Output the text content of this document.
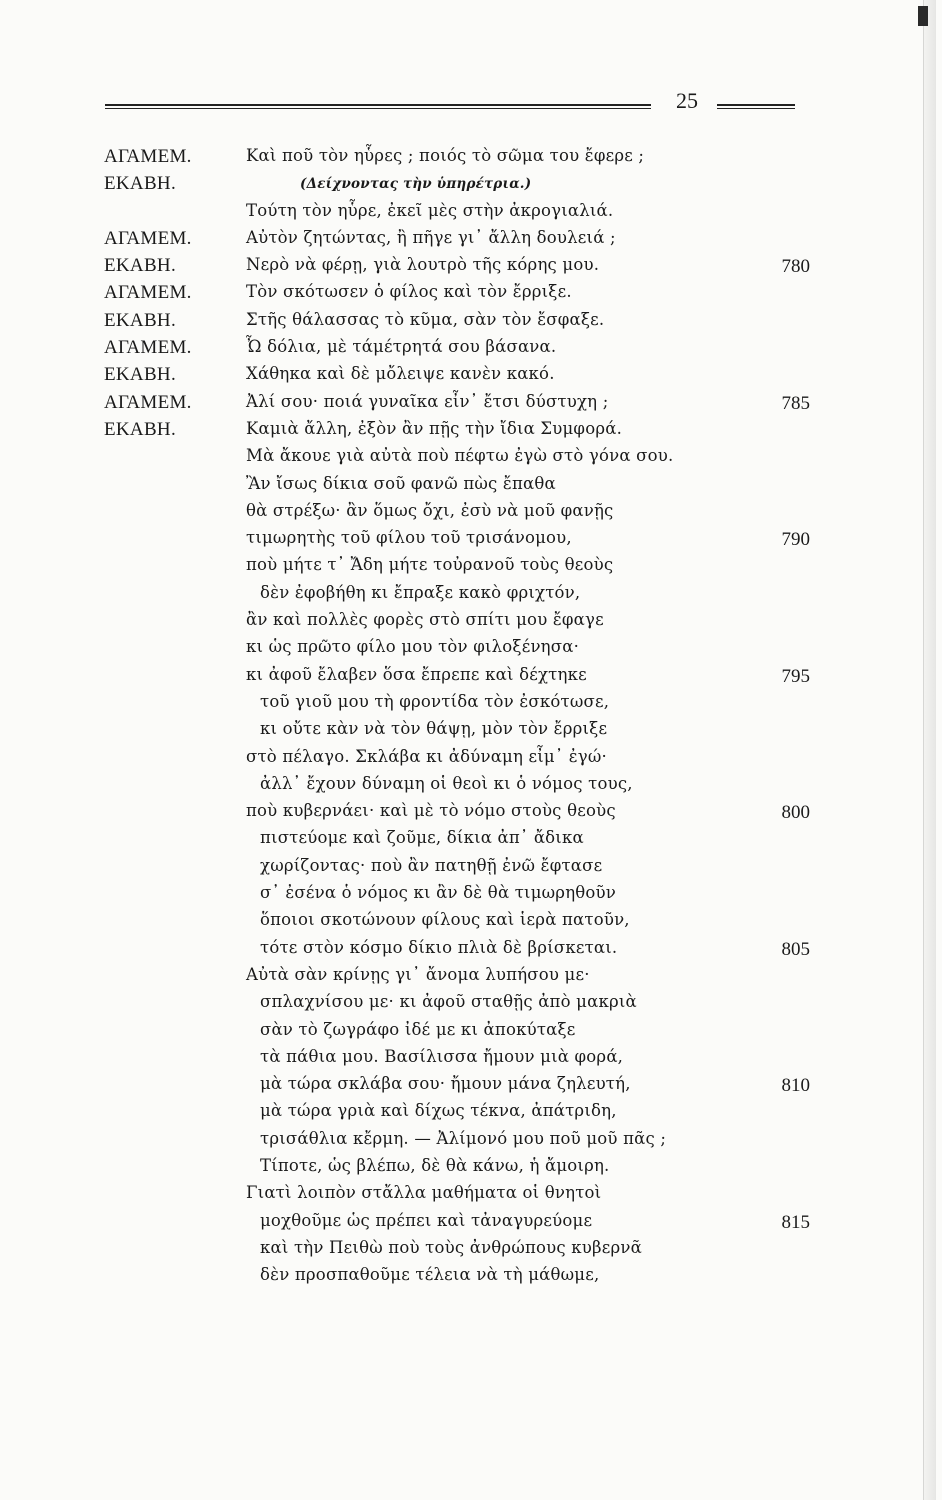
25
ΑΓΑΜΕΜ.	Καὶ ποῦ τὸν ηὗρες ; ποιός τὸ σῶμα του ἔφερε ;
ΕΚΑΒΗ.	(Δείχνοντας τὴν ὑπηρέτρια.)
Τούτη τὸν ηὗρε, ἐκεῖ μὲς στὴν ἀκρογιαλιά.
ΑΓΑΜΕΜ.	Αὐτὸν ζητώντας, ἢ πῆγε γι᾽ ἄλλη δουλειά ;
ΕΚΑΒΗ.	Νερὸ νὰ φέρῃ, γιὰ λουτρὸ τῆς κόρης μου.	780
ΑΓΑΜΕΜ.	Τὸν σκότωσεν ὁ φίλος καὶ τὸν ἔρριξε.
ΕΚΑΒΗ.	Στῆς θάλασσας τὸ κῦμα, σὰν τὸν ἔσφαξε.
ΑΓΑΜΕΜ.	Ὦ δόλια, μὲ τάμέτρητά σου βάσανα.
ΕΚΑΒΗ.	Χάθηκα καὶ δὲ μὄλειψε κανὲν κακό.
ΑΓΑΜΕΜ.	Ἀλί σου· ποιά γυναῖκα εἶν᾽ ἔτσι δύστυχη ;	785
ΕΚΑΒΗ.	Καμιὰ ἄλλη, ἐξὸν ἂν πῇς τὴν ἴδια Συμφορά.
Μὰ ἄκουε γιὰ αὐτὰ ποὺ πέφτω ἐγὼ στὸ γόνα σου.
Ἂν ἴσως δίκια σοῦ φανῶ πὼς ἔπαθα
θὰ στρέξω· ἂν ὅμως ὄχι, ἐσὺ νὰ μοῦ φανῇς
τιμωρητὴς τοῦ φίλου τοῦ τρισάνομου,	790
ποὺ μήτε τ᾽ Ἄδη μήτε τοὐρανοῦ τοὺς θεοὺς
δὲν ἐφοβήθη κι ἔπραξε κακὸ φριχτόν,
ἂν καὶ πολλὲς φορὲς στὸ σπίτι μου ἔφαγε
κι ὡς πρῶτο φίλο μου τὸν φιλοξένησα·
κι ἀφοῦ ἔλαβεν ὅσα ἔπρεπε καὶ δέχτηκε	795
τοῦ γιοῦ μου τὴ φροντίδα τὸν ἐσκότωσε,
κι οὔτε κὰν νὰ τὸν θάψῃ, μὸν τὸν ἔρριξε
στὸ πέλαγο. Σκλάβα κι ἀδύναμη εἶμ᾽ ἐγώ·
ἀλλ᾽ ἔχουν δύναμη οἱ θεοὶ κι ὁ νόμος τους,
ποὺ κυβερνάει· καὶ μὲ τὸ νόμο στοὺς θεοὺς	800
πιστεύομε καὶ ζοῦμε, δίκια ἀπ᾽ ἄδικα
χωρίζοντας· ποὺ ἂν πατηθῇ ἐνῶ ἔφτασε
σ᾽ ἐσένα ὁ νόμος κι ἂν δὲ θὰ τιμωρηθοῦν
ὅποιοι σκοτώνουν φίλους καὶ ἱερὰ πατοῦν,
τότε στὸν κόσμο δίκιο πλιὰ δὲ βρίσκεται.	805
Αὐτὰ σὰν κρίνῃς γι᾽ ἄνομα λυπήσου με·
σπλαχνίσου με· κι ἀφοῦ σταθῇς ἀπὸ μακριὰ
σὰν τὸ ζωγράφο ἰδέ με κι ἀποκύταξε
τὰ πάθια μου. Βασίλισσα ἤμουν μιὰ φορά,
μὰ τώρα σκλάβα σου· ἤμουν μάνα ζηλευτή,	810
μὰ τώρα γριὰ καὶ δίχως τέκνα, ἀπάτριδη,
τρισάθλια κἔρμη. — Ἀλίμονό μου ποῦ μοῦ πᾶς ;
Τίποτε, ὡς βλέπω, δὲ θὰ κάνω, ἡ ἄμοιρη.
Γιατὶ λοιπὸν στἄλλα μαθήματα οἱ θνητοὶ
μοχθοῦμε ὡς πρέπει καὶ τἀναγυρεύομε	815
καὶ τὴν Πειθὼ ποὺ τοὺς ἀνθρώπους κυβερνᾶ
δὲν προσπαθοῦμε τέλεια νὰ τὴ μάθωμε,
